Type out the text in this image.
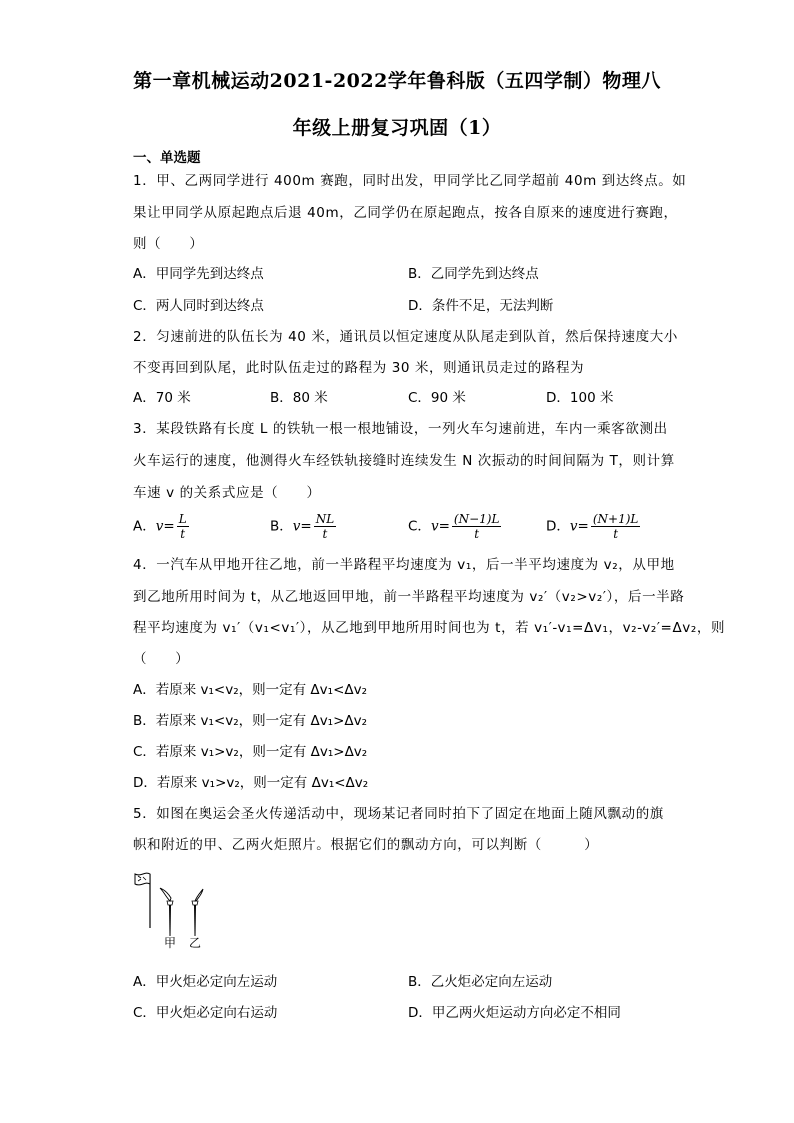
第一章机械运动2021-2022学年鲁科版（五四学制）物理八
年级上册复习巩固（1）
一、单选题
1．甲、乙两同学进行 400m 赛跑，同时出发，甲同学比乙同学超前 40m 到达终点。如
果让甲同学从原起跑点后退 40m，乙同学仍在原起跑点，按各自原来的速度进行赛跑，
则（　　）
A．甲同学先到达终点	B．乙同学先到达终点
C．两人同时到达终点	D．条件不足，无法判断
2．匀速前进的队伍长为 40 米，通讯员以恒定速度从队尾走到队首，然后保持速度大小
不变再回到队尾，此时队伍走过的路程为 30 米，则通讯员走过的路程为
A．70 米	B．80 米	C．90 米	D．100 米
3．某段铁路有长度 L 的铁轨一根一根地铺设，一列火车匀速前进，车内一乘客欲测出
火车运行的速度，他测得火车经铁轨接缝时连续发生 N 次振动的时间间隔为 T，则计算
车速 v 的关系式应是（　　）
A．$v= \frac{L}{t}$	B．$v= \frac{NL}{t}$	C．$v= \frac{(N-1)L}{t}$	D．$v= \frac{(N+1)L}{t}$
4．一汽车从甲地开往乙地，前一半路程平均速度为 v₁，后一半平均速度为 v₂，从甲地
到乙地所用时间为 t，从乙地返回甲地，前一半路程平均速度为 v₂′（v₂>v₂′），后一半路
程平均速度为 v₁′（v₁<v₁′），从乙地到甲地所用时间也为 t，若 v₁′-v₁=Δv₁，v₂-v₂′=Δv₂，则
（　　）
A．若原来 v₁<v₂，则一定有 Δv₁<Δv₂
B．若原来 v₁<v₂，则一定有 Δv₁>Δv₂
C．若原来 v₁>v₂，则一定有 Δv₁>Δv₂
D．若原来 v₁>v₂，则一定有 Δv₁<Δv₂
5．如图在奥运会圣火传递活动中，现场某记者同时拍下了固定在地面上随风飘动的旗
帜和附近的甲、乙两火炬照片。根据它们的飘动方向，可以判断（　　　）
甲 乙
A．甲火炬必定向左运动	B．乙火炬必定向左运动
C．甲火炬必定向右运动	D．甲乙两火炬运动方向必定不相同
